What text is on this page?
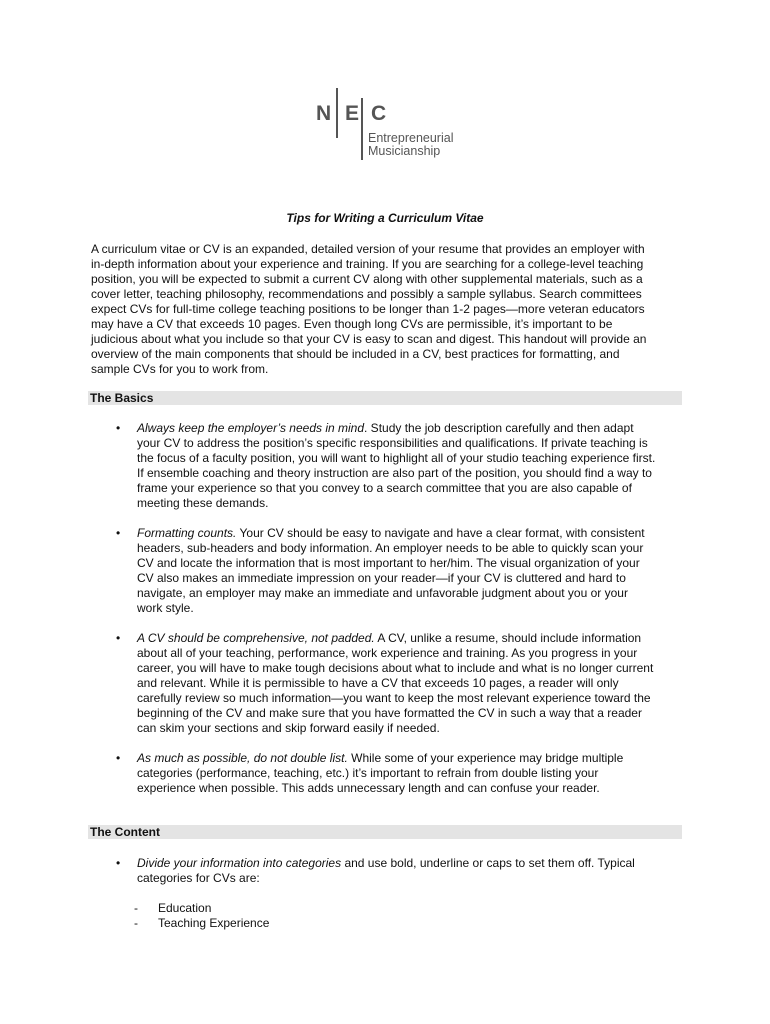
N E C
Entrepreneurial
Musicianship
Tips for Writing a Curriculum Vitae

A curriculum vitae or CV is an expanded, detailed version of your resume that provides an employer with
in-depth information about your experience and training. If you are searching for a college-level teaching
position, you will be expected to submit a current CV along with other supplemental materials, such as a
cover letter, teaching philosophy, recommendations and possibly a sample syllabus. Search committees
expect CVs for full-time college teaching positions to be longer than 1-2 pages—more veteran educators
may have a CV that exceeds 10 pages. Even though long CVs are permissible, it’s important to be
judicious about what you include so that your CV is easy to scan and digest. This handout will provide an
overview of the main components that should be included in a CV, best practices for formatting, and
sample CVs for you to work from.

The Basics
• Always keep the employer’s needs in mind. Study the job description carefully and then adapt
your CV to address the position’s specific responsibilities and qualifications. If private teaching is
the focus of a faculty position, you will want to highlight all of your studio teaching experience first.
If ensemble coaching and theory instruction are also part of the position, you should find a way to
frame your experience so that you convey to a search committee that you are also capable of
meeting these demands.
• Formatting counts. Your CV should be easy to navigate and have a clear format, with consistent
headers, sub-headers and body information. An employer needs to be able to quickly scan your
CV and locate the information that is most important to her/him. The visual organization of your
CV also makes an immediate impression on your reader—if your CV is cluttered and hard to
navigate, an employer may make an immediate and unfavorable judgment about you or your
work style.
• A CV should be comprehensive, not padded. A CV, unlike a resume, should include information
about all of your teaching, performance, work experience and training. As you progress in your
career, you will have to make tough decisions about what to include and what is no longer current
and relevant. While it is permissible to have a CV that exceeds 10 pages, a reader will only
carefully review so much information—you want to keep the most relevant experience toward the
beginning of the CV and make sure that you have formatted the CV in such a way that a reader
can skim your sections and skip forward easily if needed.
• As much as possible, do not double list. While some of your experience may bridge multiple
categories (performance, teaching, etc.) it’s important to refrain from double listing your
experience when possible. This adds unnecessary length and can confuse your reader.
The Content
• Divide your information into categories and use bold, underline or caps to set them off. Typical
categories for CVs are:
- Education
- Teaching Experience
